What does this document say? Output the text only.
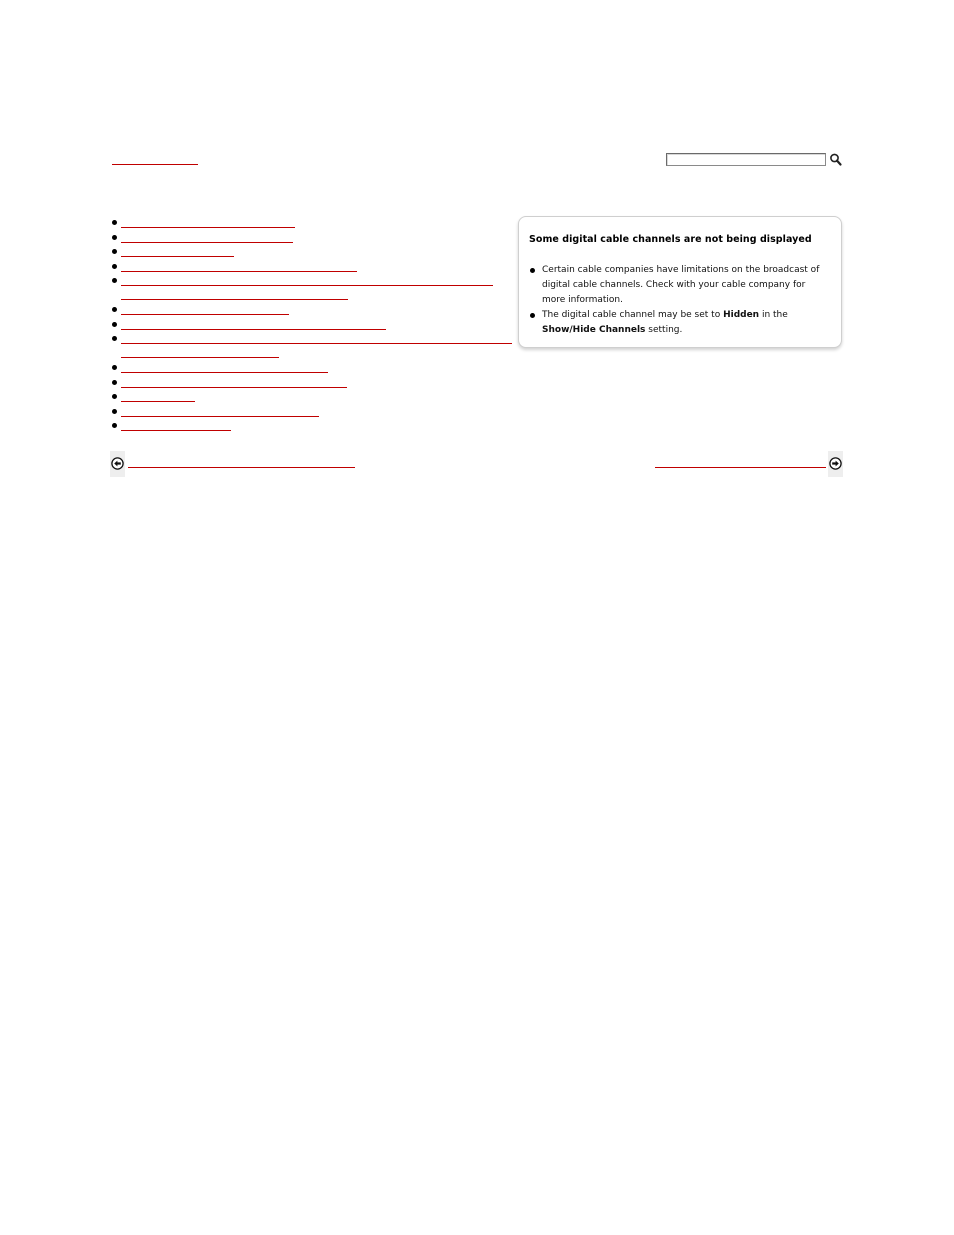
Some digital cable channels are not being displayed
Certain cable companies have limitations on the broadcast of digital cable channels. Check with your cable company for more information.
The digital cable channel may be set to Hidden in the Show/Hide Channels setting.
